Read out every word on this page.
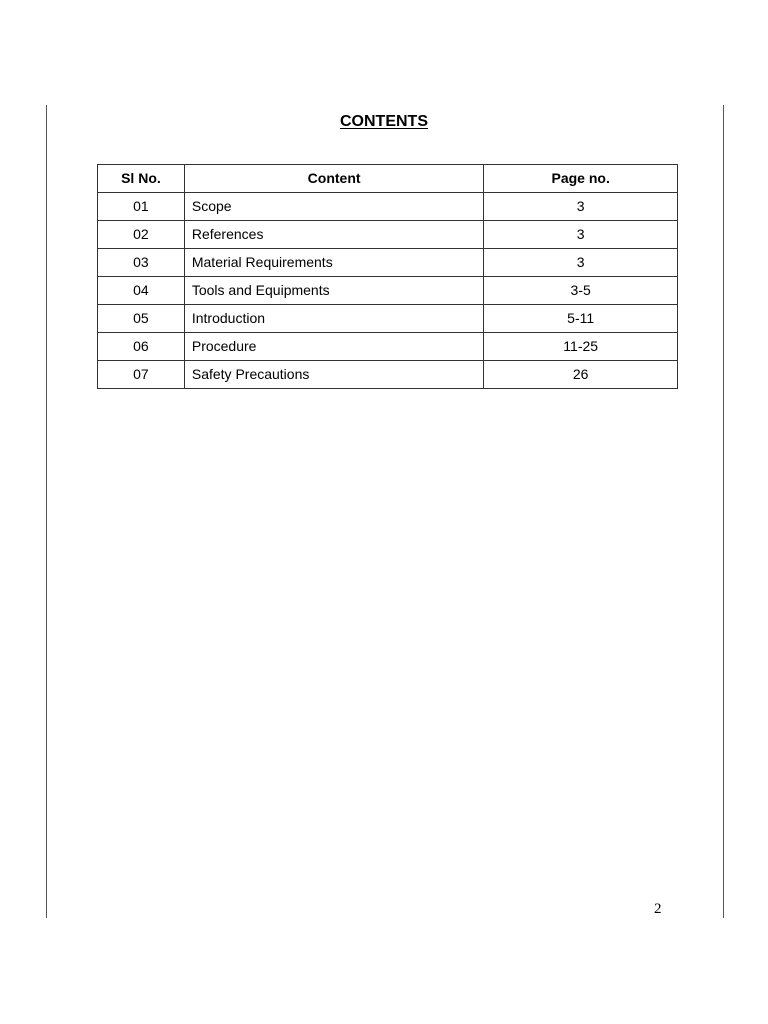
CONTENTS
Sl No.	Content	Page no.
01	Scope	3
02	References	3
03	Material Requirements	3
04	Tools and Equipments	3-5
05	Introduction	5-11
06	Procedure	11-25
07	Safety Precautions	26
2
